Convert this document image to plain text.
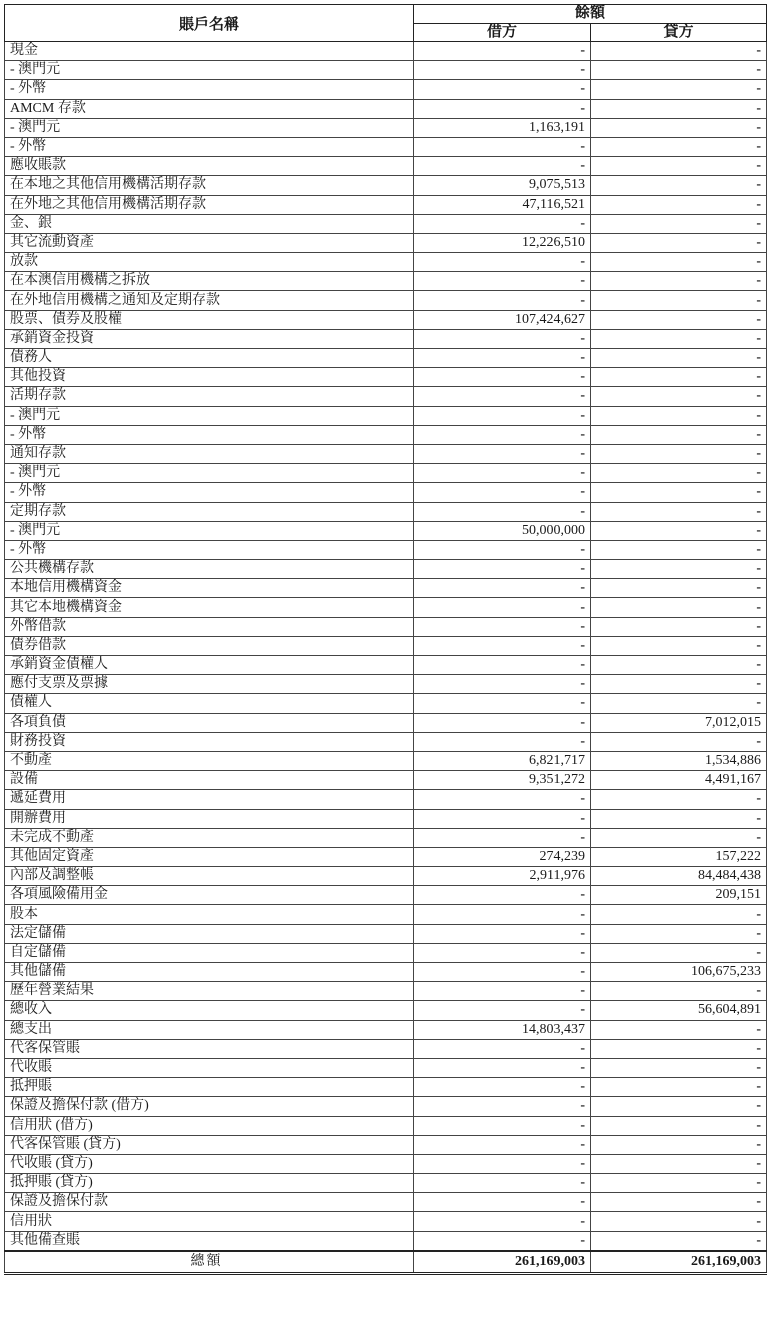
賬戶名稱	餘額	
	借方	貸方
現金	-	-
- 澳門元	-	-
- 外幣	-	-
AMCM 存款	-	-
- 澳門元	1,163,191	-
- 外幣	-	-
應收賬款	-	-
在本地之其他信用機構活期存款	9,075,513	-
在外地之其他信用機構活期存款	47,116,521	-
金、銀	-	-
其它流動資產	12,226,510	-
放款	-	-
在本澳信用機構之拆放	-	-
在外地信用機構之通知及定期存款	-	-
股票、債券及股權	107,424,627	-
承銷資金投資	-	-
債務人	-	-
其他投資	-	-
活期存款	-	-
- 澳門元	-	-
- 外幣	-	-
通知存款	-	-
- 澳門元	-	-
- 外幣	-	-
定期存款	-	-
- 澳門元	50,000,000	-
- 外幣	-	-
公共機構存款	-	-
本地信用機構資金	-	-
其它本地機構資金	-	-
外幣借款	-	-
債券借款	-	-
承銷資金債權人	-	-
應付支票及票據	-	-
債權人	-	-
各項負債	-	7,012,015
財務投資	-	-
不動產	6,821,717	1,534,886
設備	9,351,272	4,491,167
遞延費用	-	-
開辦費用	-	-
未完成不動產	-	-
其他固定資產	274,239	157,222
內部及調整帳	2,911,976	84,484,438
各項風險備用金	-	209,151
股本	-	-
法定儲備	-	-
自定儲備	-	-
其他儲備	-	106,675,233
歷年營業結果	-	-
總收入	-	56,604,891
總支出	14,803,437	-
代客保管賬	-	-
代收賬	-	-
抵押賬	-	-
保證及擔保付款 (借方)	-	-
信用狀 (借方)	-	-
代客保管賬 (貸方)	-	-
代收賬 (貸方)	-	-
抵押賬 (貸方)	-	-
保證及擔保付款	-	-
信用狀	-	-
其他備查賬	-	-
總額	261,169,003	261,169,003
